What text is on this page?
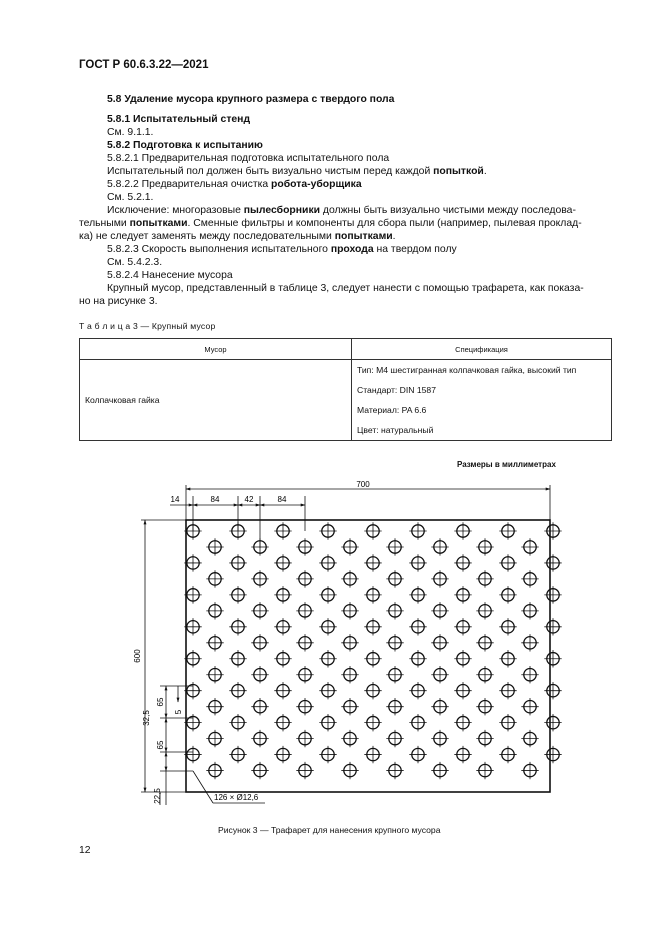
ГОСТ Р 60.6.3.22—2021
5.8 Удаление мусора крупного размера с твердого пола
5.8.1 Испытательный стенд
См. 9.1.1.
5.8.2 Подготовка к испытанию
5.8.2.1 Предварительная подготовка испытательного пола
Испытательный пол должен быть визуально чистым перед каждой попыткой.
5.8.2.2 Предварительная очистка робота-уборщика
См. 5.2.1.
Исключение: многоразовые пылесборники должны быть визуально чистыми между последова-
тельными попытками. Сменные фильтры и компоненты для сбора пыли (например, пылевая проклад-
ка) не следует заменять между последовательными попытками.
5.8.2.3 Скорость выполнения испытательного прохода на твердом полу
См. 5.4.2.3.
5.8.2.4 Нанесение мусора
Крупный мусор, представленный в таблице 3, следует нанести с помощью трафарета, как показа-
но на рисунке 3.
Т а б л и ц а 3 — Крупный мусор
Мусор	Спецификация
Колпачковая гайка	Тип: М4 шестигранная колпачковая гайка, высокий тип
Стандарт: DIN 1587
Материал: PA 6.6
Цвет: натуральный
Размеры в миллиметрах
700
14	84	42	84
600
65
32,5	5
65
22,5	126 × Ø12,6
Рисунок 3 — Трафарет для нанесения крупного мусора
12
